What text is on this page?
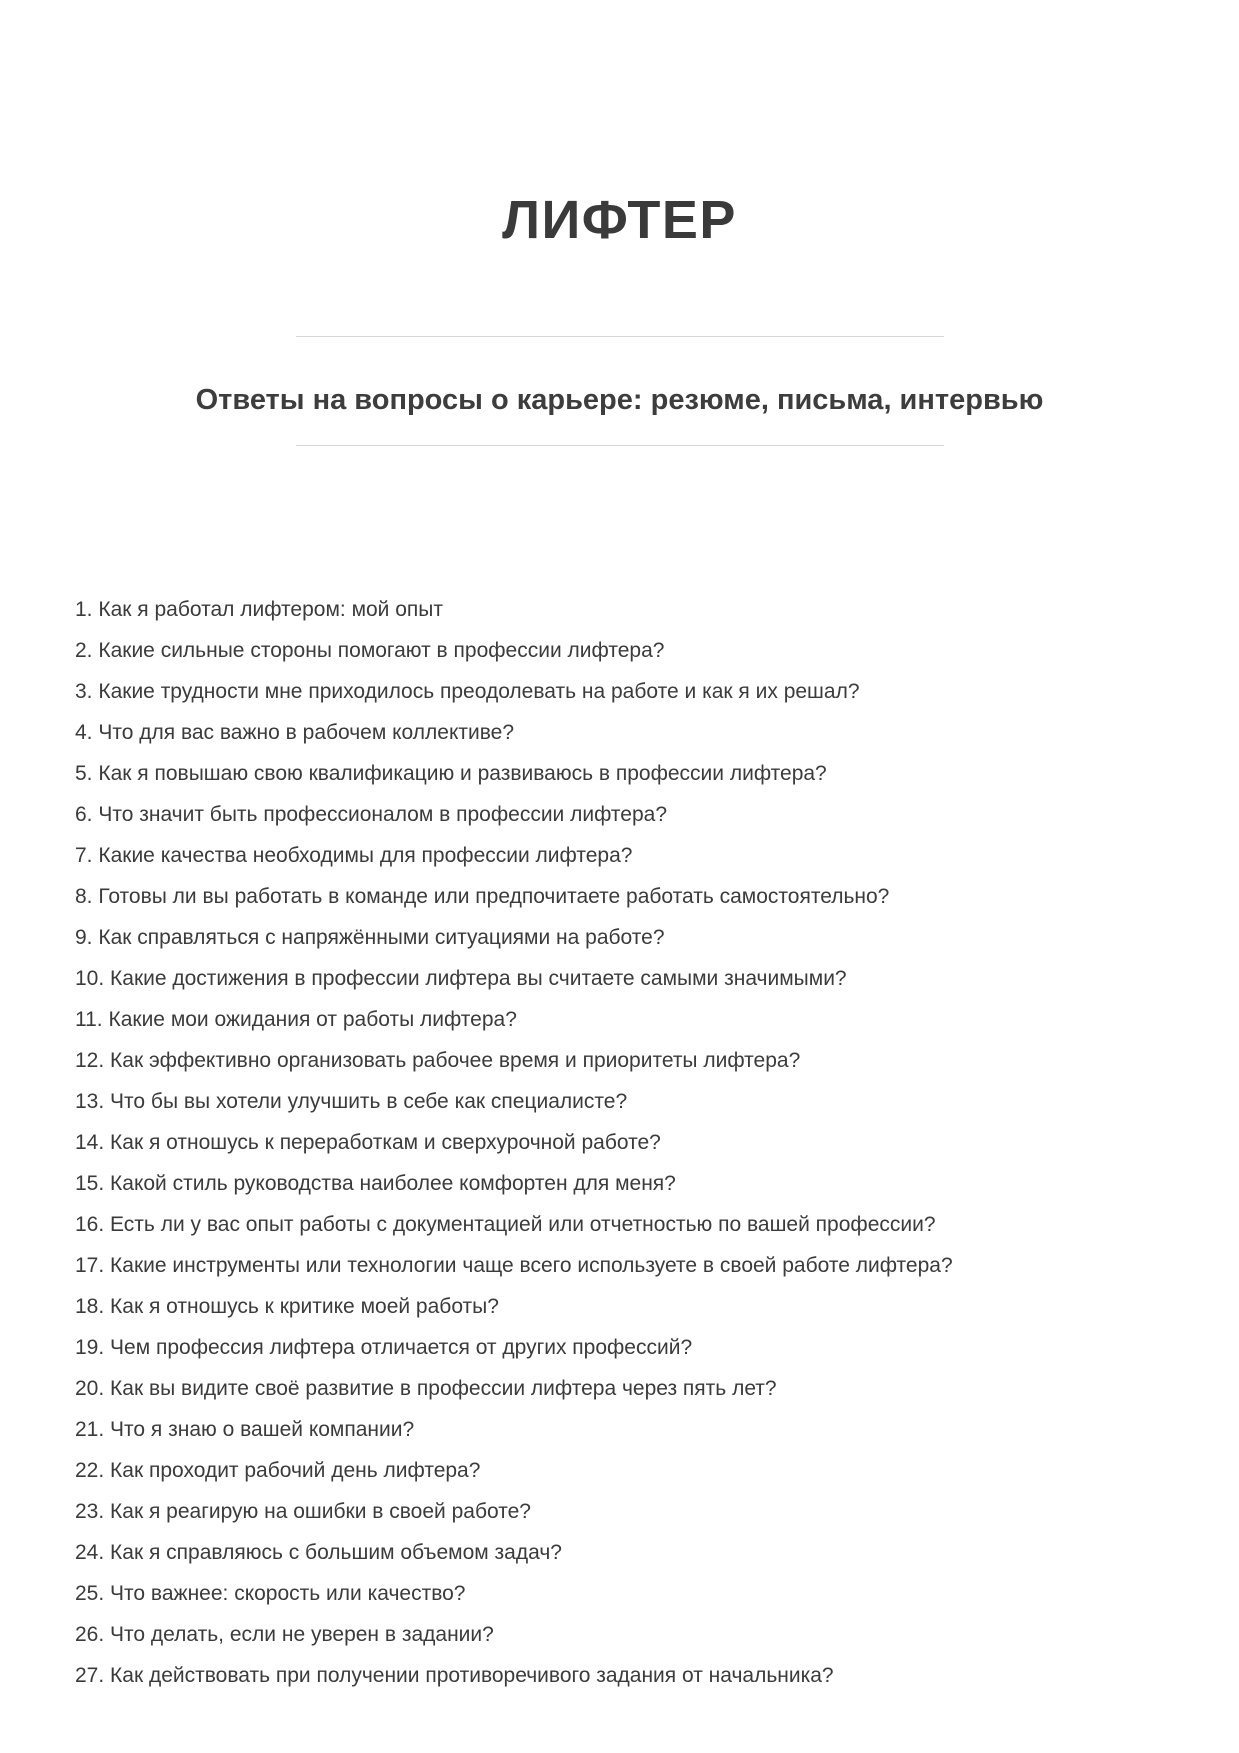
ЛИФТЕР
Ответы на вопросы о карьере: резюме, письма, интервью
1. Как я работал лифтером: мой опыт
2. Какие сильные стороны помогают в профессии лифтера?
3. Какие трудности мне приходилось преодолевать на работе и как я их решал?
4. Что для вас важно в рабочем коллективе?
5. Как я повышаю свою квалификацию и развиваюсь в профессии лифтера?
6. Что значит быть профессионалом в профессии лифтера?
7. Какие качества необходимы для профессии лифтера?
8. Готовы ли вы работать в команде или предпочитаете работать самостоятельно?
9. Как справляться с напряжёнными ситуациями на работе?
10. Какие достижения в профессии лифтера вы считаете самыми значимыми?
11. Какие мои ожидания от работы лифтера?
12. Как эффективно организовать рабочее время и приоритеты лифтера?
13. Что бы вы хотели улучшить в себе как специалисте?
14. Как я отношусь к переработкам и сверхурочной работе?
15. Какой стиль руководства наиболее комфортен для меня?
16. Есть ли у вас опыт работы с документацией или отчетностью по вашей профессии?
17. Какие инструменты или технологии чаще всего используете в своей работе лифтера?
18. Как я отношусь к критике моей работы?
19. Чем профессия лифтера отличается от других профессий?
20. Как вы видите своё развитие в профессии лифтера через пять лет?
21. Что я знаю о вашей компании?
22. Как проходит рабочий день лифтера?
23. Как я реагирую на ошибки в своей работе?
24. Как я справляюсь с большим объемом задач?
25. Что важнее: скорость или качество?
26. Что делать, если не уверен в задании?
27. Как действовать при получении противоречивого задания от начальника?
